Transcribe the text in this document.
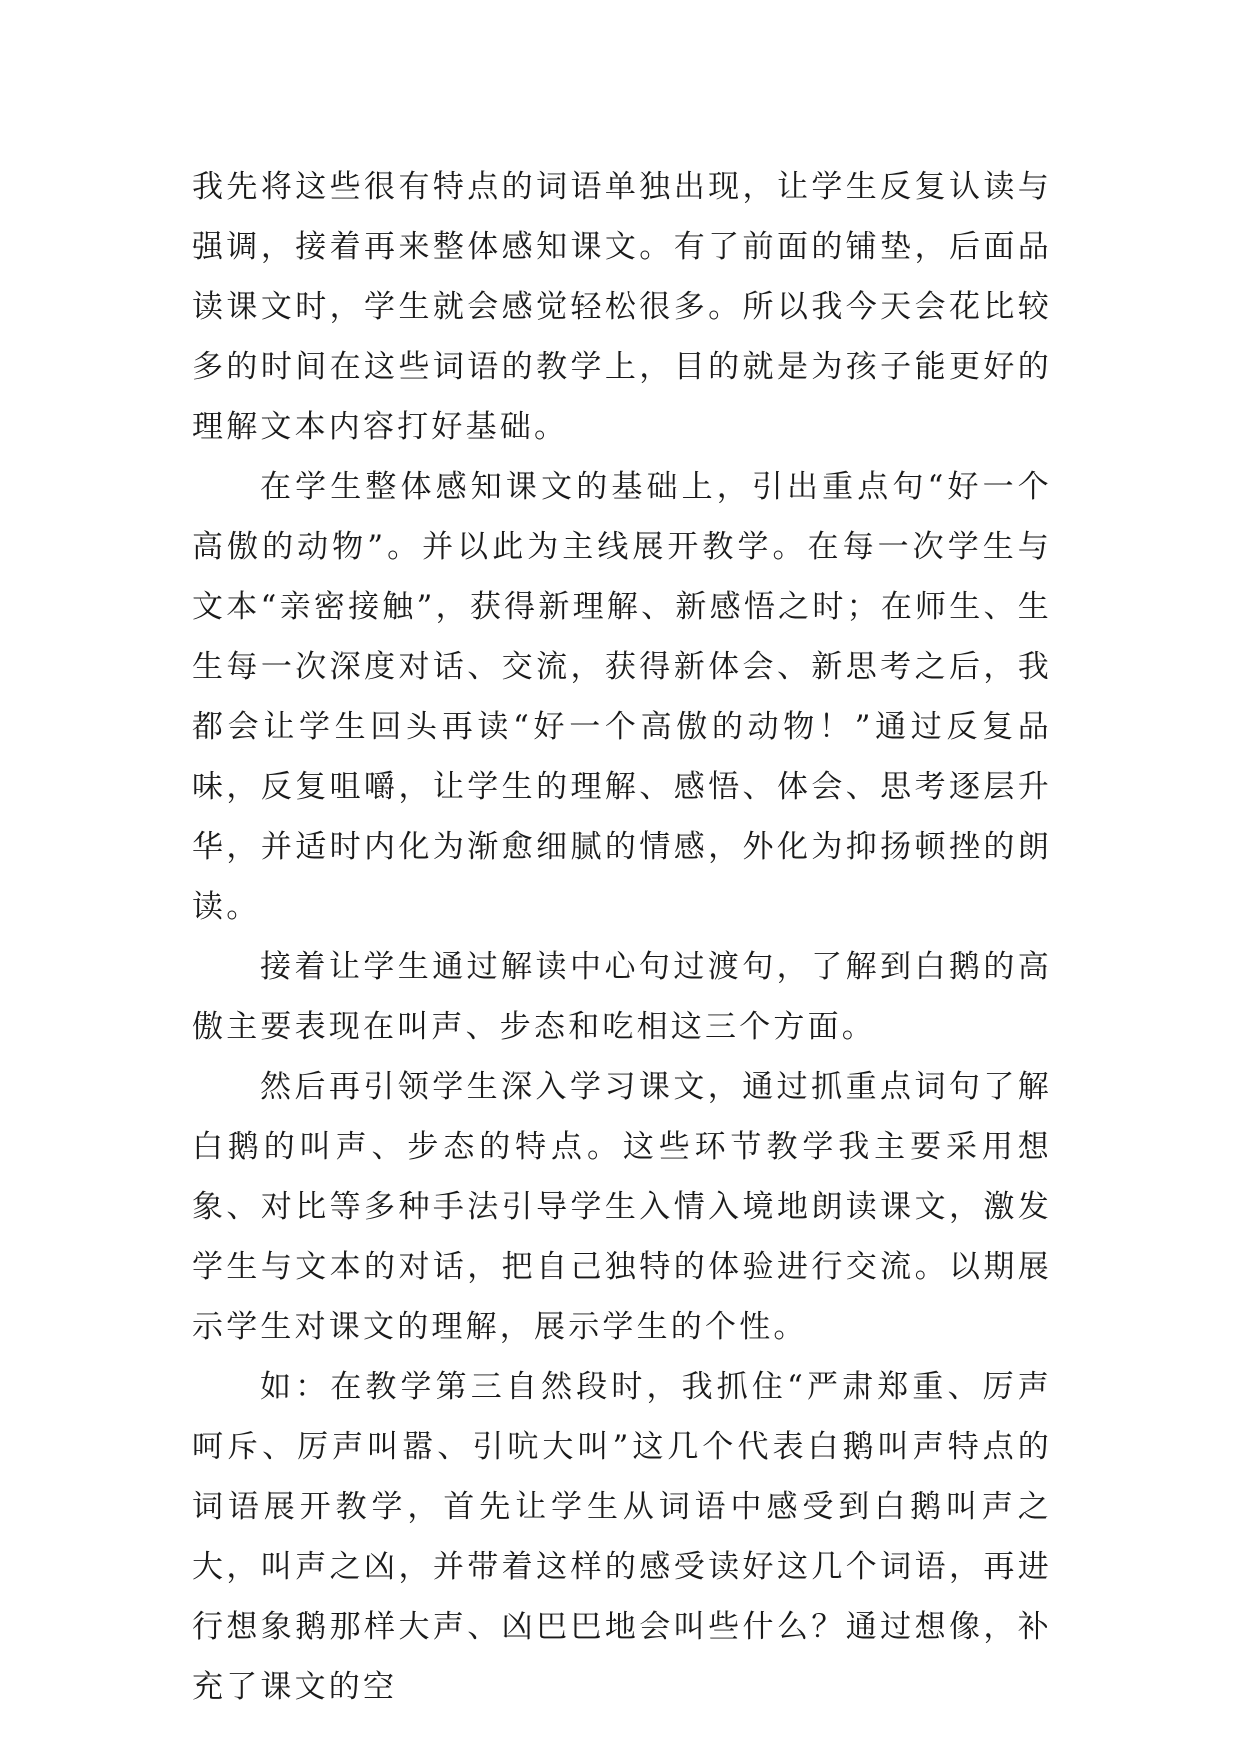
我先将这些很有特点的词语单独出现，让学生反复认读与强调，接着再来整体感知课文。有了前面的铺垫，后面品读课文时，学生就会感觉轻松很多。所以我今天会花比较多的时间在这些词语的教学上，目的就是为孩子能更好的理解文本内容打好基础。

在学生整体感知课文的基础上，引出重点句“好一个高傲的动物”。并以此为主线展开教学。在每一次学生与文本“亲密接触”，获得新理解、新感悟之时；在师生、生生每一次深度对话、交流，获得新体会、新思考之后，我都会让学生回头再读“好一个高傲的动物！”通过反复品味，反复咀嚼，让学生的理解、感悟、体会、思考逐层升华，并适时内化为渐愈细腻的情感，外化为抑扬顿挫的朗读。

接着让学生通过解读中心句过渡句，了解到白鹅的高傲主要表现在叫声、步态和吃相这三个方面。

然后再引领学生深入学习课文，通过抓重点词句了解白鹅的叫声、步态的特点。这些环节教学我主要采用想象、对比等多种手法引导学生入情入境地朗读课文，激发学生与文本的对话，把自己独特的体验进行交流。以期展示学生对课文的理解，展示学生的个性。

如：在教学第三自然段时，我抓住“严肃郑重、厉声呵斥、厉声叫嚣、引吭大叫”这几个代表白鹅叫声特点的词语展开教学，首先让学生从词语中感受到白鹅叫声之大，叫声之凶，并带着这样的感受读好这几个词语，再进行想象鹅那样大声、凶巴巴地会叫些什么？通过想像，补充了课文的空
